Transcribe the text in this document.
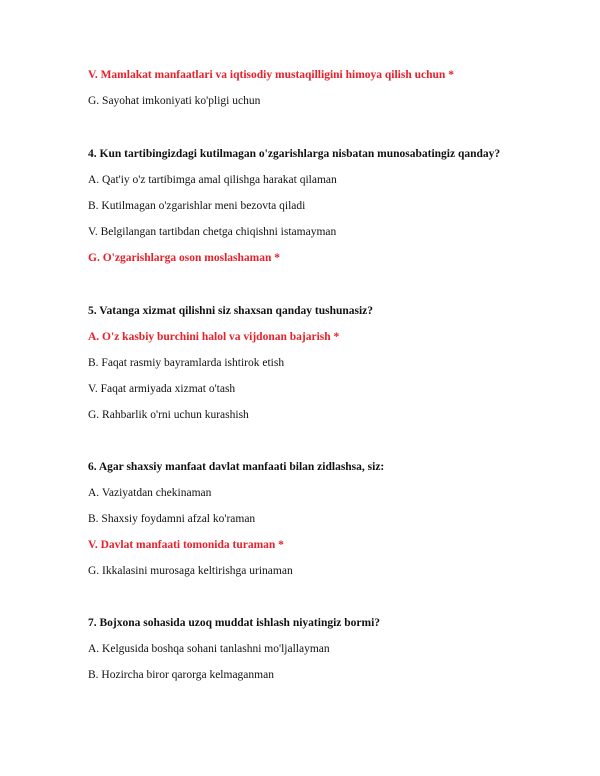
V. Mamlakat manfaatlari va iqtisodiy mustaqilligini himoya qilish uchun *
G. Sayohat imkoniyati ko'pligi uchun
4. Kun tartibingizdagi kutilmagan o'zgarishlarga nisbatan munosabatingiz qanday?
A. Qat'iy o'z tartibimga amal qilishga harakat qilaman
B. Kutilmagan o'zgarishlar meni bezovta qiladi
V. Belgilangan tartibdan chetga chiqishni istamayman
G. O'zgarishlarga oson moslashaman *
5. Vatanga xizmat qilishni siz shaxsan qanday tushunasiz?
A. O'z kasbiy burchini halol va vijdonan bajarish *
B. Faqat rasmiy bayramlarda ishtirok etish
V. Faqat armiyada xizmat o'tash
G. Rahbarlik o'rni uchun kurashish
6. Agar shaxsiy manfaat davlat manfaati bilan zidlashsa, siz:
A. Vaziyatdan chekinaman
B. Shaxsiy foydamni afzal ko'raman
V. Davlat manfaati tomonida turaman *
G. Ikkalasini murosaga keltirishga urinaman
7. Bojxona sohasida uzoq muddat ishlash niyatingiz bormi?
A. Kelgusida boshqa sohani tanlashni mo'ljallayman
B. Hozircha biror qarorga kelmaganman
